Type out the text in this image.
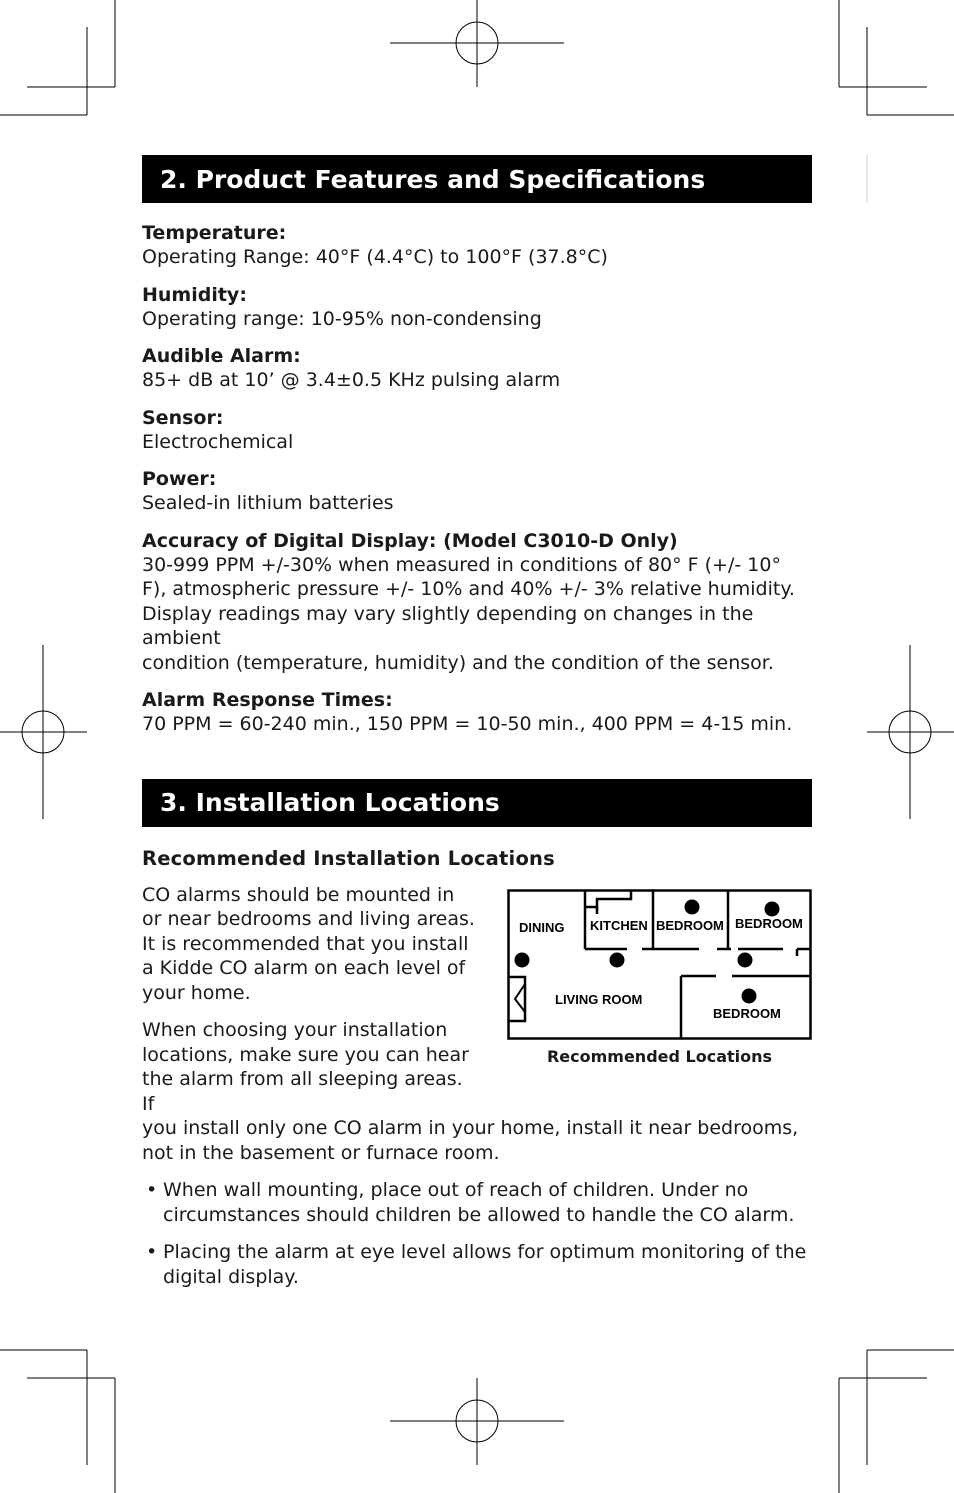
2. Product Features and Specifications
Temperature:
Operating Range: 40°F (4.4°C) to 100°F (37.8°C)
Humidity:
Operating range: 10-95% non-condensing
Audible Alarm:
85+ dB at 10’ @ 3.4±0.5 KHz pulsing alarm
Sensor:
Electrochemical
Power:
Sealed-in lithium batteries
Accuracy of Digital Display: (Model C3010-D Only)
30-999 PPM +/-30% when measured in conditions of 80° F (+/- 10°
F), atmospheric pressure +/- 10% and 40% +/- 3% relative humidity.
Display readings may vary slightly depending on changes in the ambient
condition (temperature, humidity) and the condition of the sensor.
Alarm Response Times:
70 PPM = 60-240 min., 150 PPM = 10-50 min., 400 PPM = 4-15 min.
3. Installation Locations
Recommended Installation Locations
DINING KITCHEN BEDROOM BEDROOM
LIVING ROOM
BEDROOM
Recommended Locations

CO alarms should be mounted in

or near bedrooms and living areas.

It is recommended that you install

a Kidde CO alarm on each level of

your home.

When choosing your installation

locations, make sure you can hear

the alarm from all sleeping areas. If

you install only one CO alarm in your home, install it near bedrooms,

not in the basement or furnace room.

• When wall mounting, place out of reach of children. Under no
circumstances should children be allowed to handle the CO alarm.
• Placing the alarm at eye level allows for optimum monitoring of the
digital display.
